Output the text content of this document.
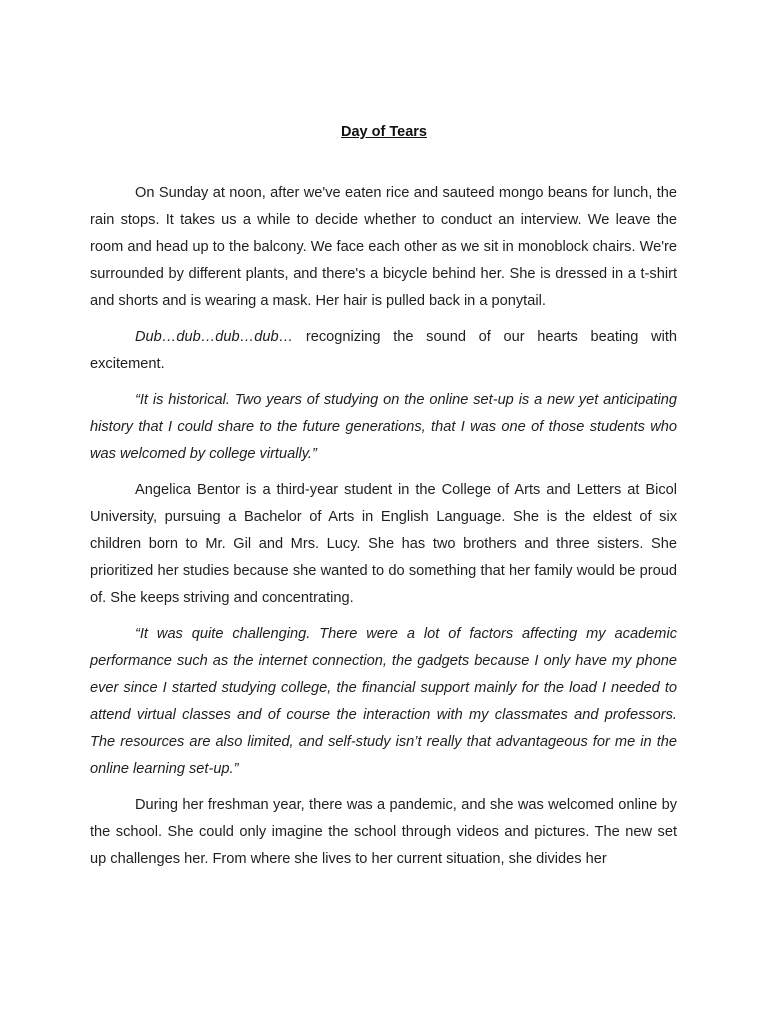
Day of Tears

On Sunday at noon, after we've eaten rice and sauteed mongo beans for lunch, the rain stops. It takes us a while to decide whether to conduct an interview. We leave the room and head up to the balcony. We face each other as we sit in monoblock chairs. We're surrounded by different plants, and there's a bicycle behind her. She is dressed in a t-shirt and shorts and is wearing a mask. Her hair is pulled back in a ponytail.

Dub…dub…dub…dub… recognizing the sound of our hearts beating with excitement.

“It is historical. Two years of studying on the online set-up is a new yet anticipating history that I could share to the future generations, that I was one of those students who was welcomed by college virtually.”

Angelica Bentor is a third-year student in the College of Arts and Letters at Bicol University, pursuing a Bachelor of Arts in English Language. She is the eldest of six children born to Mr. Gil and Mrs. Lucy. She has two brothers and three sisters. She prioritized her studies because she wanted to do something that her family would be proud of. She keeps striving and concentrating.

“It was quite challenging. There were a lot of factors affecting my academic performance such as the internet connection, the gadgets because I only have my phone ever since I started studying college, the financial support mainly for the load I needed to attend virtual classes and of course the interaction with my classmates and professors. The resources are also limited, and self-study isn’t really that advantageous for me in the online learning set-up.”

During her freshman year, there was a pandemic, and she was welcomed online by the school. She could only imagine the school through videos and pictures. The new set up challenges her. From where she lives to her current situation, she divides her
